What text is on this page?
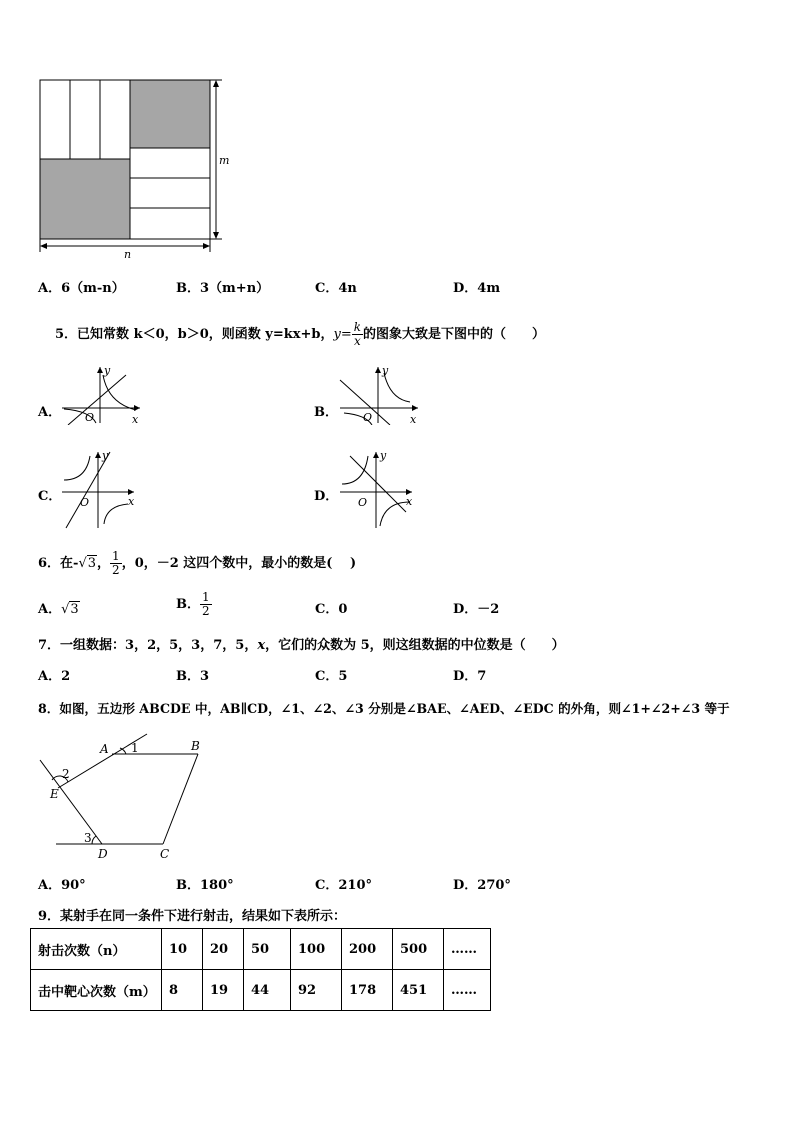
m
n
A．6（m-n）	B．3（m+n）	C．4n	D．4m
5．已知常数 k＜0，b＞0，则函数 y=kx+b，$y= \frac{k}{x}$ 的图象大致是下图中的（　　）
A．
y
x
O	B．
y
x
O
C．
y
x
O	D．
y
x
O
6．在-√3， $\frac{1}{2}$ ，0，－2 这四个数中，最小的数是(　 )
A．√3	B． $\frac{1}{2}$	C．0	D．－2
7．一组数据：3，2，5，3，7，5，x，它们的众数为 5，则这组数据的中位数是（　　）
A．2	B．3	C．5	D．7
8．如图，五边形 ABCDE 中，AB∥CD，∠1、∠2、∠3 分别是∠BAE、∠AED、∠EDC 的外角，则∠1+∠2+∠3 等于
A	B
C
D
E
1
2
3
A．90°	B．180°	C．210°	D．270°
9．某射手在同一条件下进行射击，结果如下表所示：
射击次数（n）	10	20	50	100	200	500	……
击中靶心次数（m）	8	19	44	92	178	451	……
